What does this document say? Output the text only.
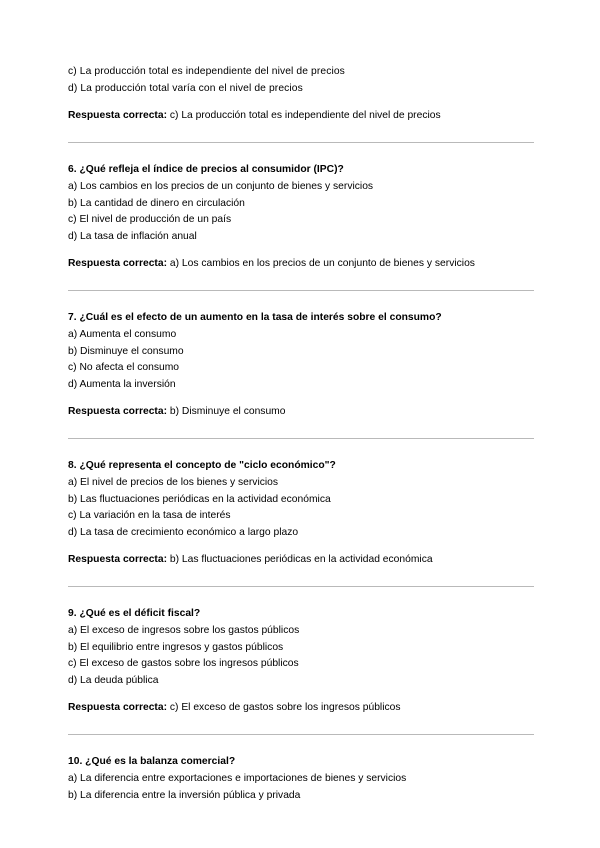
c) La producción total es independiente del nivel de precios
d) La producción total varía con el nivel de precios
Respuesta correcta: c) La producción total es independiente del nivel de precios
6. ¿Qué refleja el índice de precios al consumidor (IPC)?
a) Los cambios en los precios de un conjunto de bienes y servicios
b) La cantidad de dinero en circulación
c) El nivel de producción de un país
d) La tasa de inflación anual
Respuesta correcta: a) Los cambios en los precios de un conjunto de bienes y servicios
7. ¿Cuál es el efecto de un aumento en la tasa de interés sobre el consumo?
a) Aumenta el consumo
b) Disminuye el consumo
c) No afecta el consumo
d) Aumenta la inversión
Respuesta correcta: b) Disminuye el consumo
8. ¿Qué representa el concepto de "ciclo económico"?
a) El nivel de precios de los bienes y servicios
b) Las fluctuaciones periódicas en la actividad económica
c) La variación en la tasa de interés
d) La tasa de crecimiento económico a largo plazo
Respuesta correcta: b) Las fluctuaciones periódicas en la actividad económica
9. ¿Qué es el déficit fiscal?
a) El exceso de ingresos sobre los gastos públicos
b) El equilibrio entre ingresos y gastos públicos
c) El exceso de gastos sobre los ingresos públicos
d) La deuda pública
Respuesta correcta: c) El exceso de gastos sobre los ingresos públicos
10. ¿Qué es la balanza comercial?
a) La diferencia entre exportaciones e importaciones de bienes y servicios
b) La diferencia entre la inversión pública y privada
